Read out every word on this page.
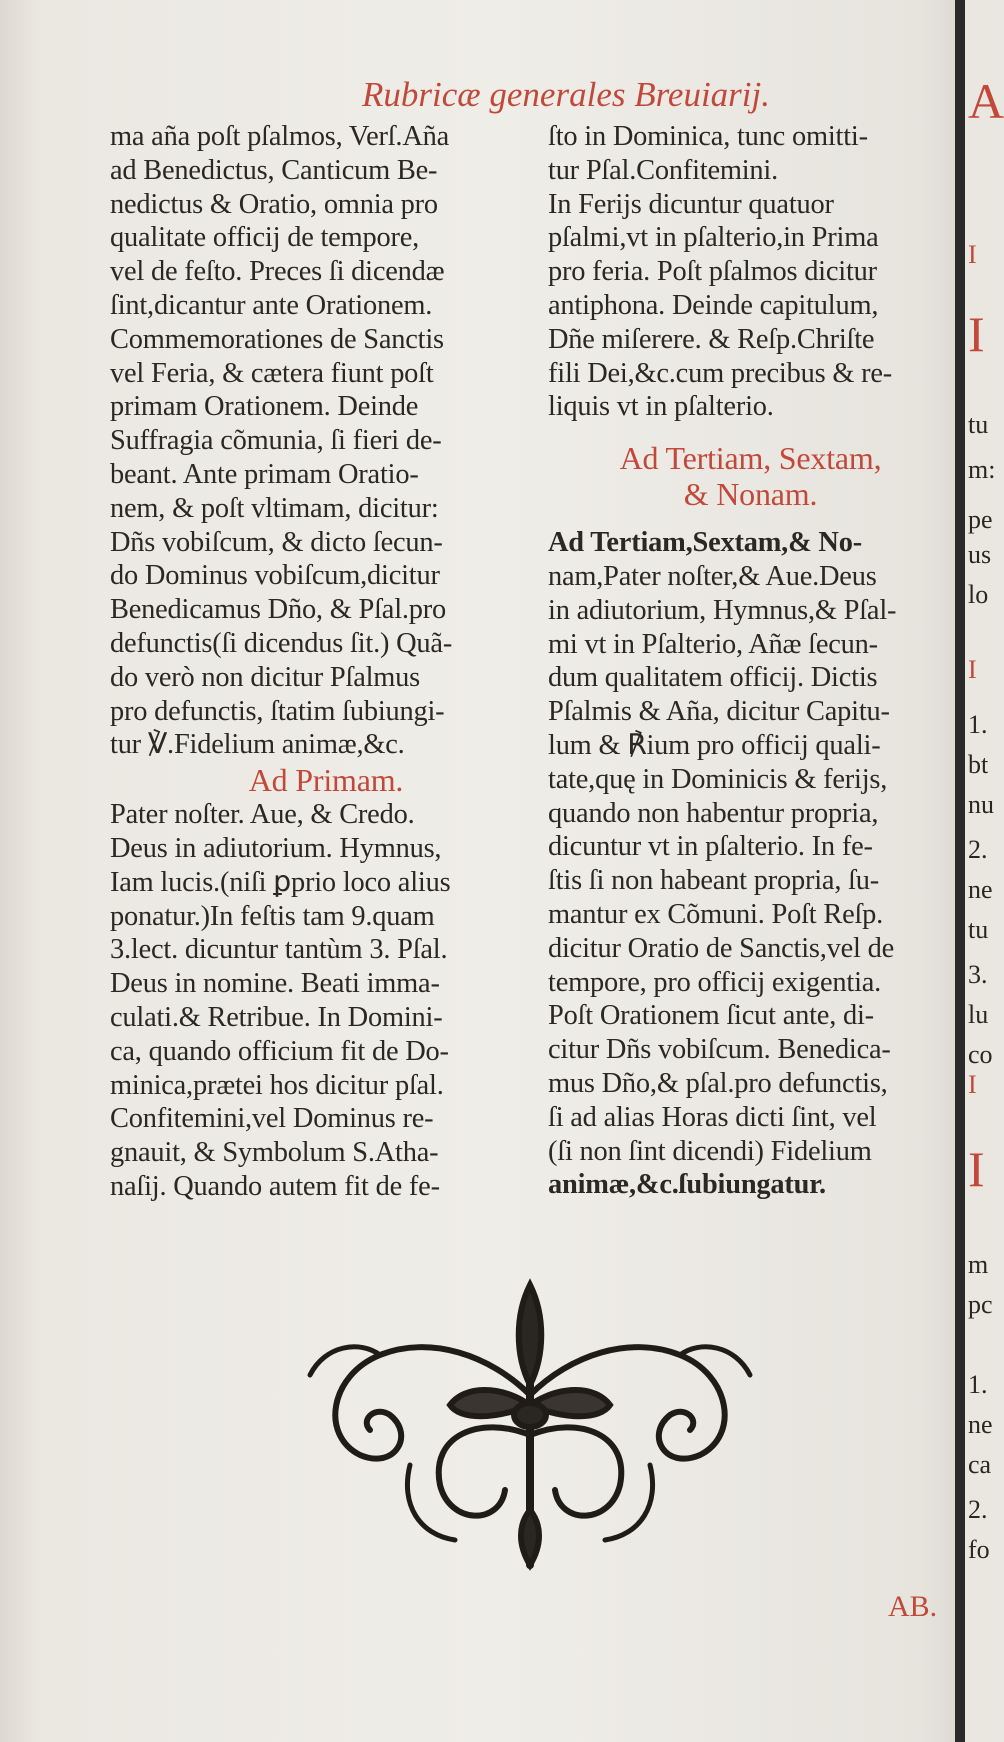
Rubricæ generales Breuiarij.

ma aña poſt pſalmos, Verſ.Aña
ad Benedictus, Canticum Be-
nedictus & Oratio, omnia pro
qualitate officij de tempore,
vel de feſto. Preces ſi dicendæ
ſint,dicantur ante Orationem.
Commemorationes de Sanctis
vel Feria, & cætera fiunt poſt
primam Orationem. Deinde
Suffragia cõmunia, ſi fieri de-
beant. Ante primam Oratio-
nem, & poſt vltimam, dicitur:
Dñs vobiſcum, & dicto ſecun-
do Dominus vobiſcum,dicitur
Benedicamus Dño, & Pſal.pro
defunctis(ſi dicendus ſit.) Quã-
do verò non dicitur Pſalmus
pro defunctis, ſtatim ſubiungi-
tur ℣.Fidelium animæ,&c.

Ad Primam.

Pater noſter. Aue, & Credo.
Deus in adiutorium. Hymnus,
Iam lucis.(niſi ꝑprio loco alius
ponatur.)In feſtis tam 9.quam
3.lect. dicuntur tantùm 3. Pſal.
Deus in nomine. Beati imma-
culati.& Retribue. In Domini-
ca, quando officium fit de Do-
minica,prætei hos dicitur pſal.
Confitemini,vel Dominus re-
gnauit, & Symbolum S.Atha-
naſij. Quando autem fit de fe-

ſto in Dominica, tunc omitti-
tur Pſal.Confitemini.
In Ferijs dicuntur quatuor
pſalmi,vt in pſalterio,in Prima
pro feria. Poſt pſalmos dicitur
antiphona. Deinde capitulum,
Dñe miſerere. & Reſp.Chriſte
fili Dei,&c.cum precibus & re-
liquis vt in pſalterio.

Ad Tertiam, Sextam,
& Nonam.

Ad Tertiam,Sextam,& No-
nam,Pater noſter,& Aue.Deus
in adiutorium, Hymnus,& Pſal-
mi vt in Pſalterio, Añæ ſecun-
dum qualitatem officij. Dictis
Pſalmis & Aña, dicitur Capitu-
lum & ℟ium pro officij quali-
tate,quę in Dominicis & ferijs,
quando non habentur propria,
dicuntur vt in pſalterio. In fe-
ſtis ſi non habeant propria, ſu-
mantur ex Cõmuni. Poſt Reſp.
dicitur Oratio de Sanctis,vel de
tempore, pro officij exigentia.
Poſt Orationem ſicut ante, di-
citur Dñs vobiſcum. Benedica-
mus Dño,& pſal.pro defunctis,
ſi ad alias Horas dicti ſint, vel
(ſi non ſint dicendi) Fidelium
animæ,&c.ſubiungatur.

AB.
A
I
I
tu
m:
pe
us
lo
I
1.
bt
nu
2.
ne
tu
3.
lu
co
I
I
m
pc
1.
ne
ca
2.
fo
